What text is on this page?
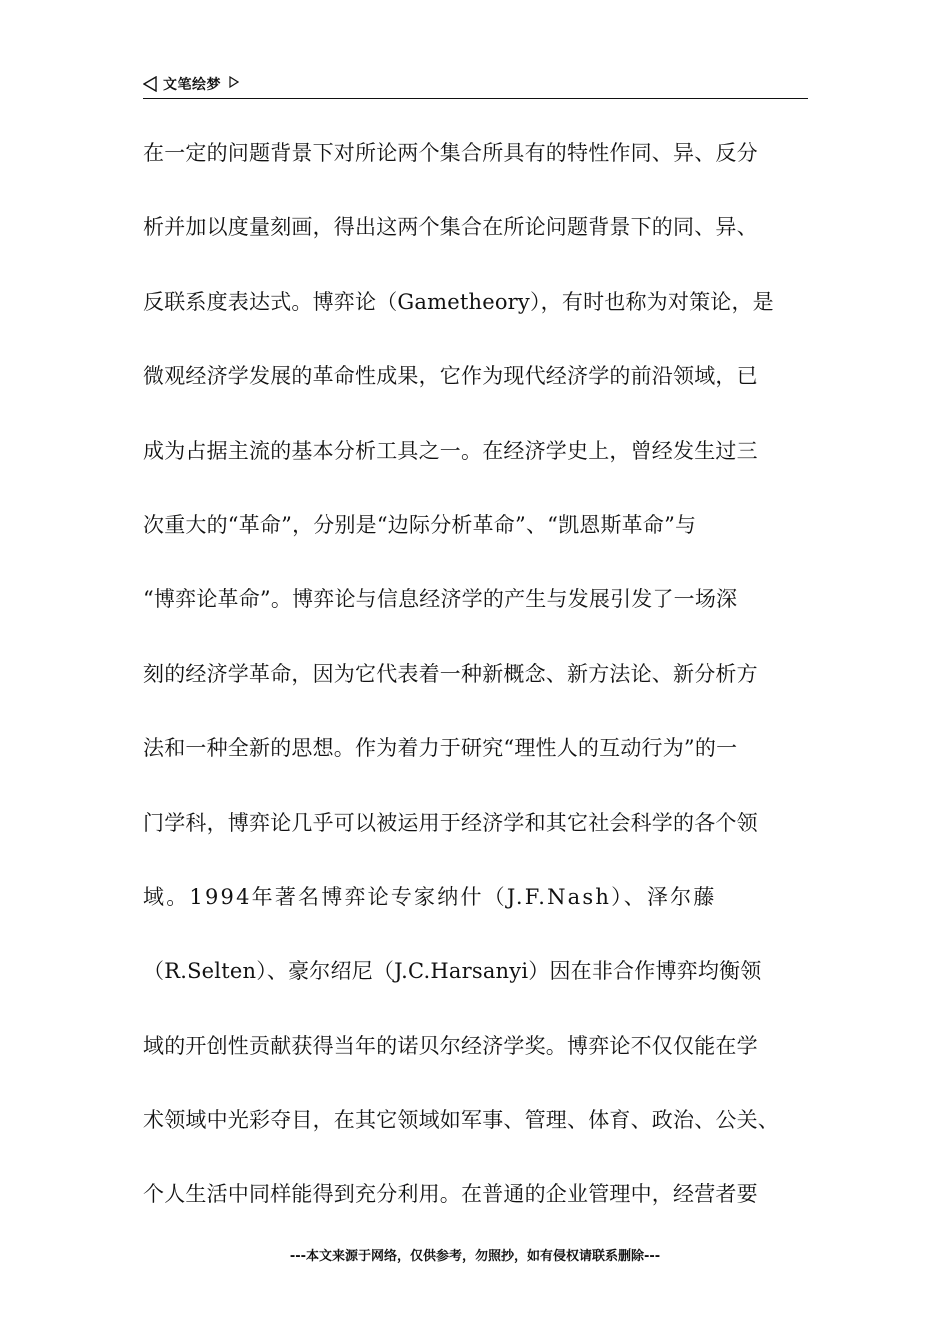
文笔绘梦
在一定的问题背景下对所论两个集合所具有的特性作同、异、反分
析并加以度量刻画，得出这两个集合在所论问题背景下的同、异、
反联系度表达式。博弈论（Gametheory），有时也称为对策论，是
微观经济学发展的革命性成果，它作为现代经济学的前沿领域，已
成为占据主流的基本分析工具之一。在经济学史上，曾经发生过三
次重大的“革命”，分别是“边际分析革命”、“凯恩斯革命”与
“博弈论革命”。博弈论与信息经济学的产生与发展引发了一场深
刻的经济学革命，因为它代表着一种新概念、新方法论、新分析方
法和一种全新的思想。作为着力于研究“理性人的互动行为”的一
门学科，博弈论几乎可以被运用于经济学和其它社会科学的各个领
域。1994年著名博弈论专家纳什（J.F.Nash）、泽尔藤
（R.Selten）、豪尔绍尼（J.C.Harsanyi）因在非合作博弈均衡领
域的开创性贡献获得当年的诺贝尔经济学奖。博弈论不仅仅能在学
术领域中光彩夺目，在其它领域如军事、管理、体育、政治、公关、
个人生活中同样能得到充分利用。在普通的企业管理中，经营者要
---本文来源于网络，仅供参考，勿照抄，如有侵权请联系删除---
